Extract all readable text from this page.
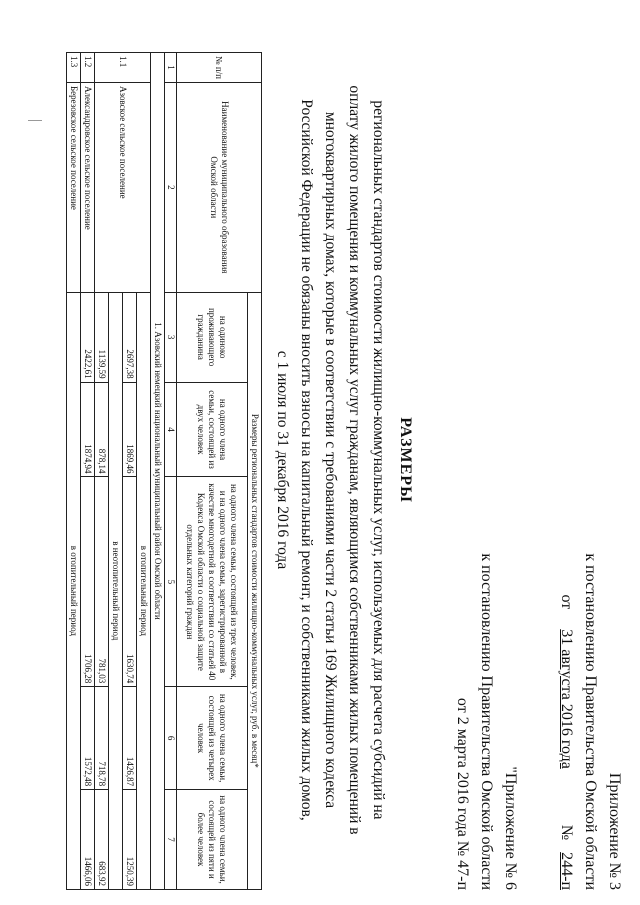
Приложение № 3
к постановлению Правительства Омской области
от     31 августа 2016 года              №   244-п
"Приложение № 6
к постановлению Правительства Омской области
от 2 марта 2016 года № 47-п
РАЗМЕРЫ
региональных стандартов стоимости жилищно-коммунальных услуг, используемых для расчета субсидий на
оплату жилого помещения и коммунальных услуг гражданам, являющимся собственниками жилых помещений в
многоквартирных домах, которые в соответствии с требованиями части 2 статьи 169 Жилищного кодекса
Российской Федерации не обязаны вносить взносы на капитальный ремонт, и собственниками жилых домов,
с 1 июля по 31 декабря 2016 года
№ п/п	Наименование муниципального образования Омской области	Размеры региональных стандартов стоимости жилищно-коммунальных услуг, руб. в месяц*				
		на одиноко проживающего гражданина	на одного члена семьи, состоящей из двух человек	на одного члена семьи, состоящей из трех человек, и на одного члена семьи, зарегистрированной в качестве многодетной в соответствии со статьей 40 Кодекса Омской области о социальной защите отдельных категорий граждан	на одного члена семьи, состоящей из четырех человек	на одного члена семьи, состоящей из пяти и более человек
1	2	3	4	5	6	7
1. Азовский немецкий национальный муниципальный район Омской области						
1.1	Азовское сельское поселение	в отопительный период				
		2697,38	1869,46	1630,74	1426,87	1250,39
		в неотопительный период				
		1139,59	878,14	781,03	718,78	683,92
1.2	Александровское сельское поселение	2422,61	1874,94	1706,28	1572,48	1466,06
1.3	Березовское сельское поселение	в отопительный период				
